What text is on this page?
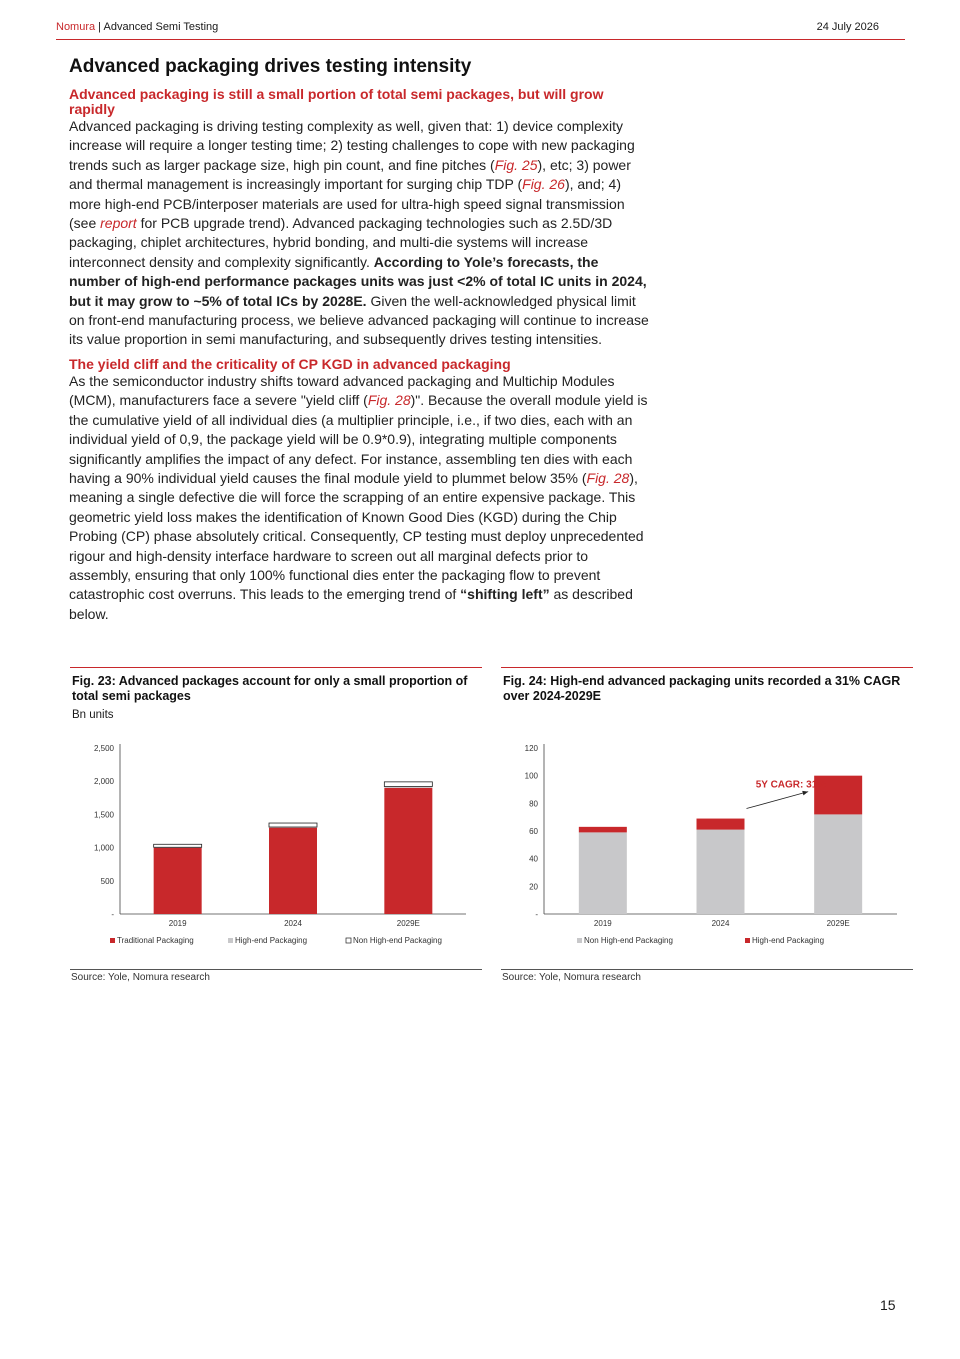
Nomura | Advanced Semi Testing	24 July 2026
Advanced packaging drives testing intensity
Advanced packaging is still a small portion of total semi packages, but will grow rapidly

Advanced packaging is driving testing complexity as well, given that: 1) device complexity increase will require a longer testing time; 2) testing challenges to cope with new packaging trends such as larger package size, high pin count, and fine pitches (Fig. 25), etc; 3) power and thermal management is increasingly important for surging chip TDP (Fig. 26), and; 4) more high-end PCB/interposer materials are used for ultra-high speed signal transmission (see report for PCB upgrade trend). Advanced packaging technologies such as 2.5D/3D packaging, chiplet architectures, hybrid bonding, and multi-die systems will increase interconnect density and complexity significantly. According to Yole’s forecasts, the number of high-end performance packages units was just <2% of total IC units in 2024, but it may grow to ~5% of total ICs by 2028E. Given the well-acknowledged physical limit on front-end manufacturing process, we believe advanced packaging will continue to increase its value proportion in semi manufacturing, and subsequently drives testing intensities.

The yield cliff and the criticality of CP KGD in advanced packaging

As the semiconductor industry shifts toward advanced packaging and Multichip Modules (MCM), manufacturers face a severe "yield cliff (Fig. 28)". Because the overall module yield is the cumulative yield of all individual dies (a multiplier principle, i.e., if two dies, each with an individual yield of 0,9, the package yield will be 0.9*0.9), integrating multiple components significantly amplifies the impact of any defect. For instance, assembling ten dies with each having a 90% individual yield causes the final module yield to plummet below 35% (Fig. 28), meaning a single defective die will force the scrapping of an entire expensive package. This geometric yield loss makes the identification of Known Good Dies (KGD) during the Chip Probing (CP) phase absolutely critical. Consequently, CP testing must deploy unprecedented rigour and high-density interface hardware to screen out all marginal defects prior to assembly, ensuring that only 100% functional dies enter the packaging flow to prevent catastrophic cost overruns. This leads to the emerging trend of “shifting left” as described below.

Fig. 23: Advanced packages account for only a small proportion of total semi packages
Bn units
-
500
1,000
1,500
2,000
2,500
2019	2024	2029E
Traditional Packaging	High-end Packaging	Non High-end Packaging
Fig. 24: High-end advanced packaging units recorded a 31% CAGR over 2024-2029E
-
20
40
60
80
100
120
2019	2024	2029E
Non High-end Packaging	High-end Packaging
5Y CAGR: 31%
Source: Yole, Nomura research	Source: Yole, Nomura research
15
